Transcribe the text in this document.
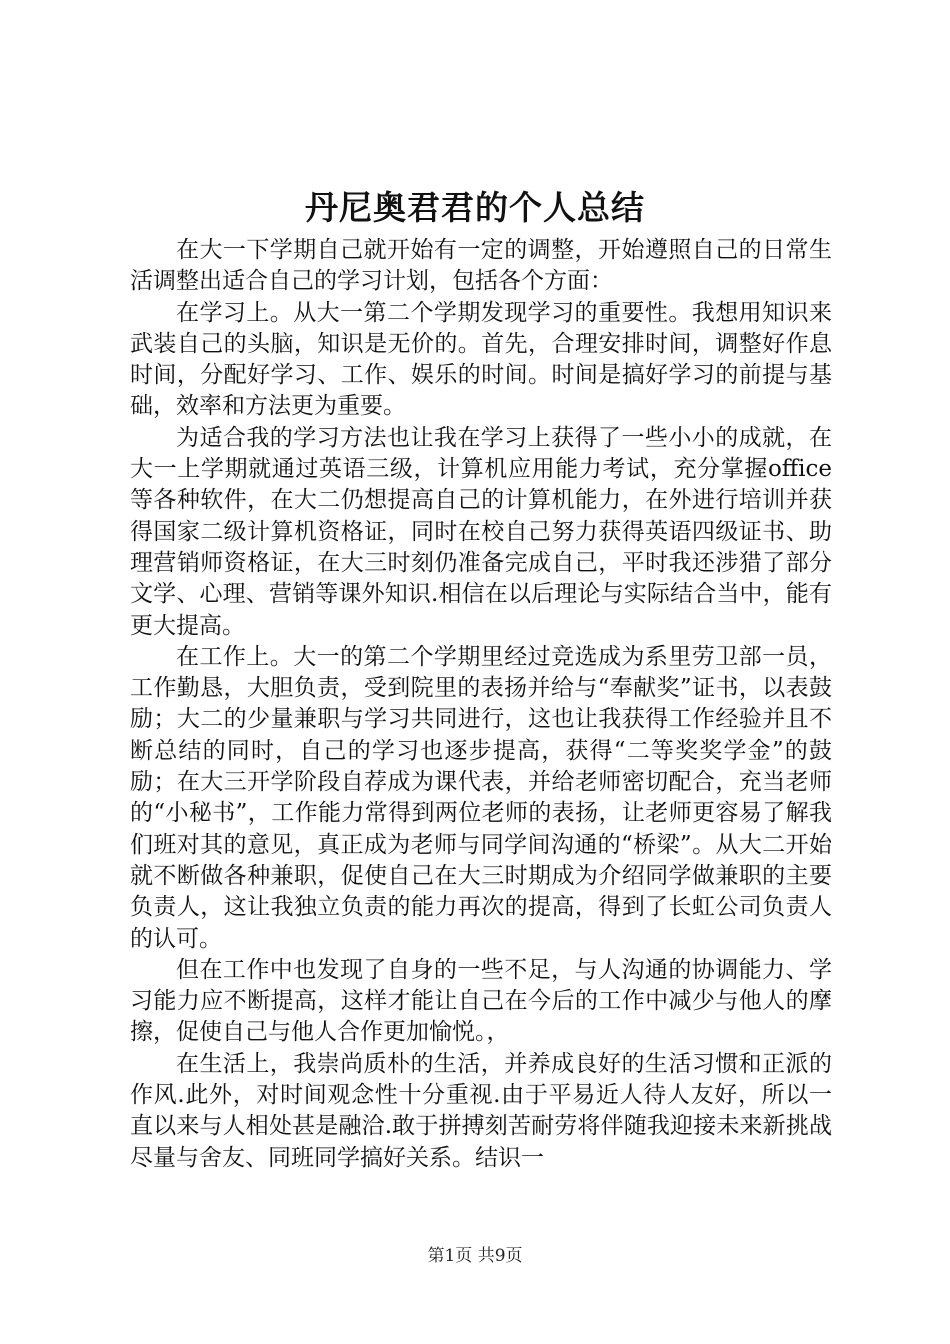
丹尼奥君君的个人总结

在大一下学期自己就开始有一定的调整，开始遵照自己的日常生活调整出适合自己的学习计划，包括各个方面：

在学习上。从大一第二个学期发现学习的重要性。我想用知识来武装自己的头脑，知识是无价的。首先，合理安排时间，调整好作息时间，分配好学习、工作、娱乐的时间。时间是搞好学习的前提与基础，效率和方法更为重要。

为适合我的学习方法也让我在学习上获得了一些小小的成就，在大一上学期就通过英语三级，计算机应用能力考试，充分掌握office等各种软件，在大二仍想提高自己的计算机能力，在外进行培训并获得国家二级计算机资格证，同时在校自己努力获得英语四级证书、助理营销师资格证，在大三时刻仍准备完成自己，平时我还涉猎了部分文学、心理、营销等课外知识.相信在以后理论与实际结合当中，能有更大提高。

在工作上。大一的第二个学期里经过竞选成为系里劳卫部一员，工作勤恳，大胆负责，受到院里的表扬并给与“奉献奖”证书，以表鼓励；大二的少量兼职与学习共同进行，这也让我获得工作经验并且不断总结的同时，自己的学习也逐步提高，获得“二等奖奖学金”的鼓励；在大三开学阶段自荐成为课代表，并给老师密切配合，充当老师的“小秘书”，工作能力常得到两位老师的表扬，让老师更容易了解我们班对其的意见，真正成为老师与同学间沟通的“桥梁”。从大二开始就不断做各种兼职，促使自己在大三时期成为介绍同学做兼职的主要负责人，这让我独立负责的能力再次的提高，得到了长虹公司负责人的认可。

但在工作中也发现了自身的一些不足，与人沟通的协调能力、学习能力应不断提高，这样才能让自己在今后的工作中减少与他人的摩擦，促使自己与他人合作更加愉悦。，

在生活上，我崇尚质朴的生活，并养成良好的生活习惯和正派的作风.此外，对时间观念性十分重视.由于平易近人待人友好，所以一直以来与人相处甚是融洽.敢于拼搏刻苦耐劳将伴随我迎接未来新挑战尽量与舍友、同班同学搞好关系。结识一

第1页 共9页
